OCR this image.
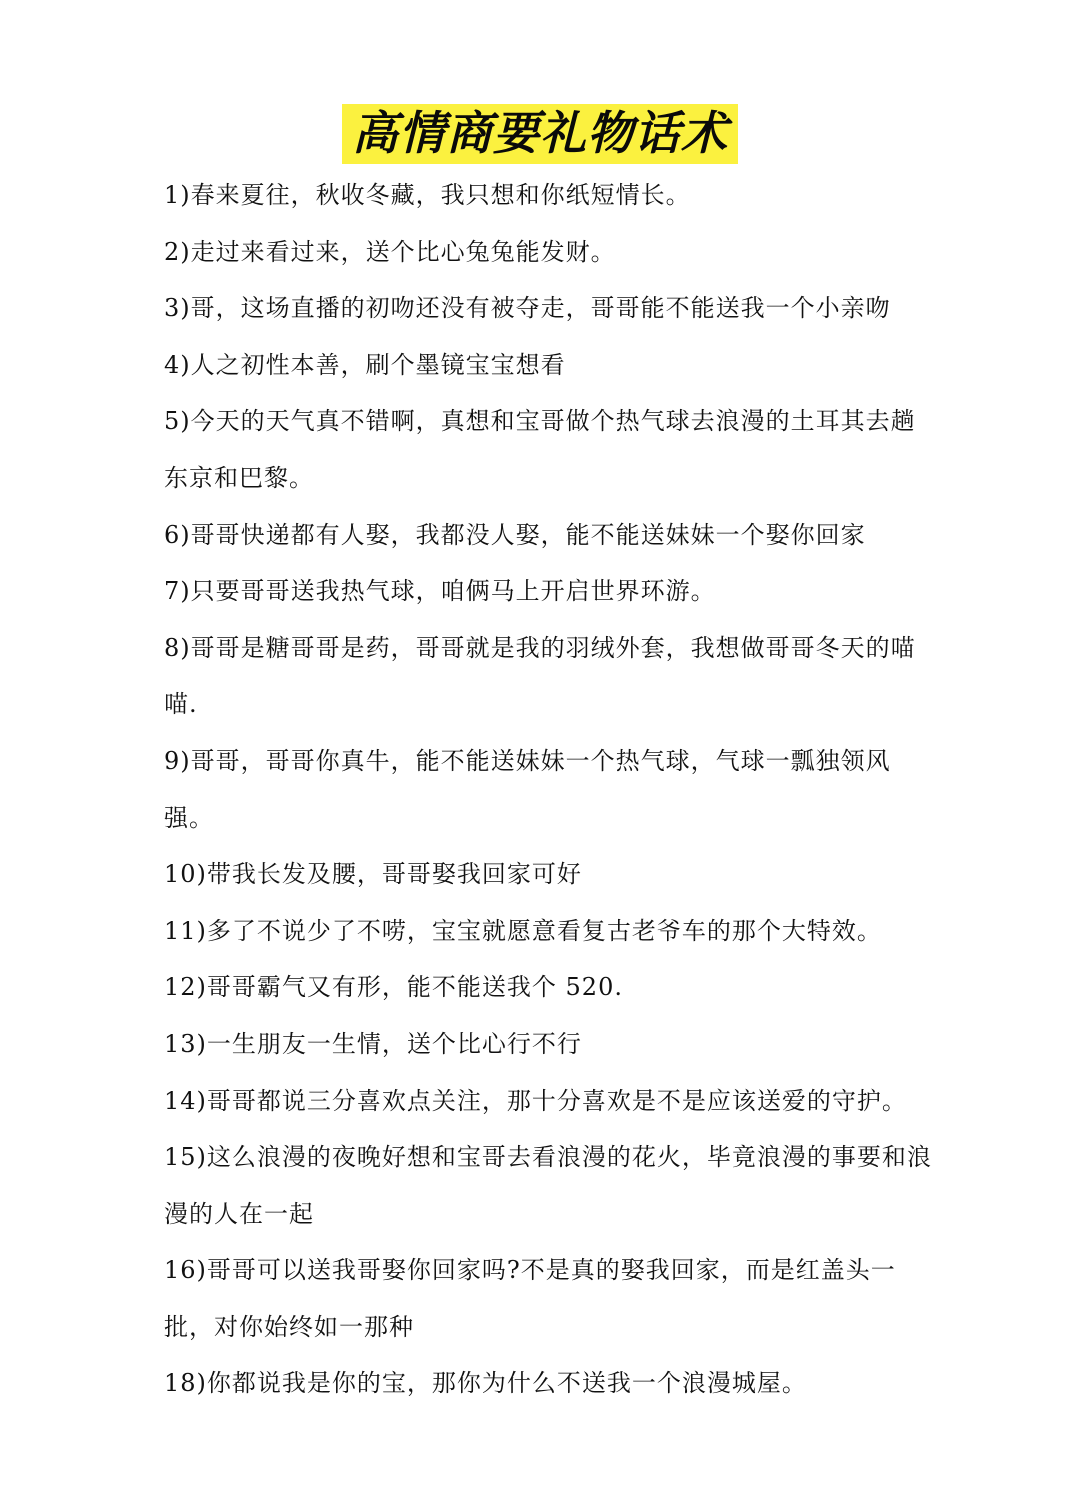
高情商要礼物话术
1)春来夏往，秋收冬藏，我只想和你纸短情长。
2)走过来看过来，送个比心兔兔能发财。
3)哥，这场直播的初吻还没有被夺走，哥哥能不能送我一个小亲吻
4)人之初性本善，刷个墨镜宝宝想看
5)今天的天气真不错啊，真想和宝哥做个热气球去浪漫的土耳其去趟东京和巴黎。
6)哥哥快递都有人娶，我都没人娶，能不能送妹妹一个娶你回家
7)只要哥哥送我热气球，咱俩马上开启世界环游。
8)哥哥是糖哥哥是药，哥哥就是我的羽绒外套，我想做哥哥冬天的喵喵.
9)哥哥，哥哥你真牛，能不能送妹妹一个热气球，气球一瓢独领风强。
10)带我长发及腰，哥哥娶我回家可好
11)多了不说少了不唠，宝宝就愿意看复古老爷车的那个大特效。
12)哥哥霸气又有形，能不能送我个 520.
13)一生朋友一生情，送个比心行不行
14)哥哥都说三分喜欢点关注，那十分喜欢是不是应该送爱的守护。
15)这么浪漫的夜晚好想和宝哥去看浪漫的花火，毕竟浪漫的事要和浪漫的人在一起
16)哥哥可以送我哥娶你回家吗?不是真的娶我回家，而是红盖头一批，对你始终如一那种
18)你都说我是你的宝，那你为什么不送我一个浪漫城屋。
